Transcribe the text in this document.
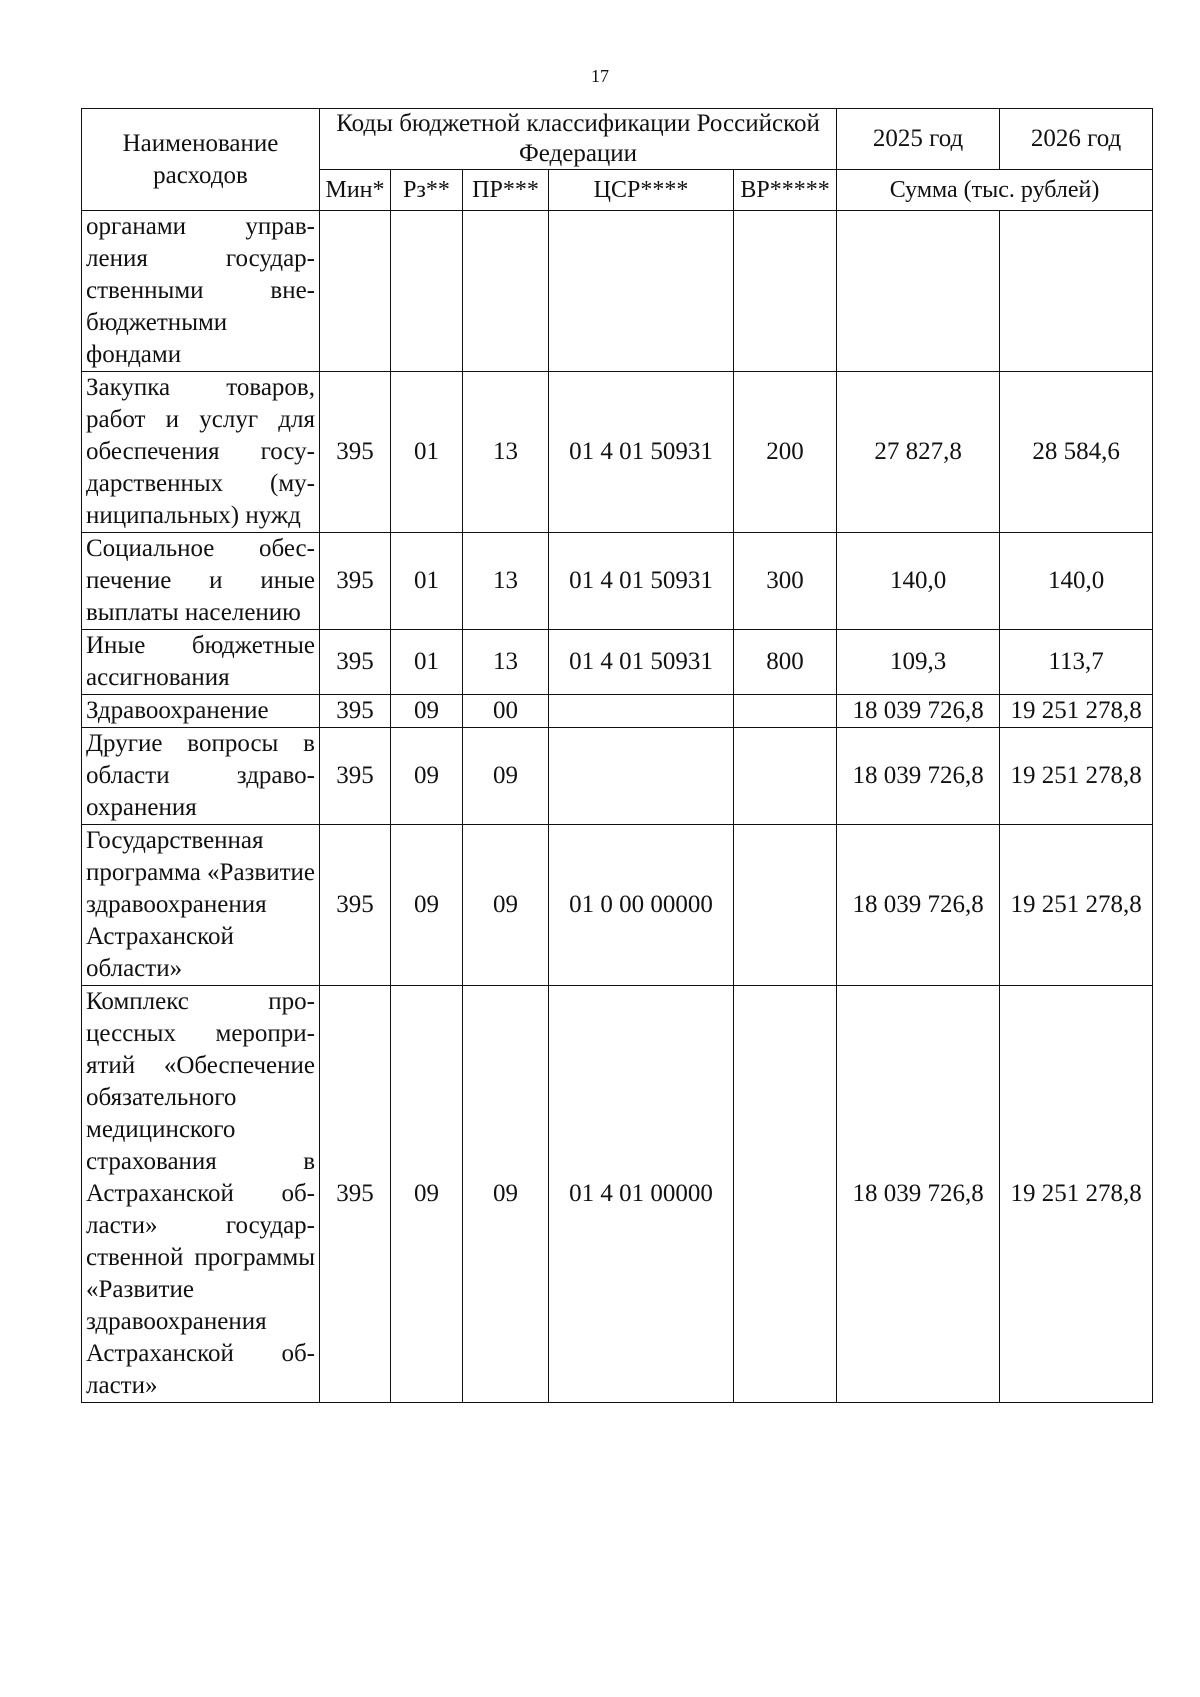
17
Наименование расходов	Коды бюджетной классификации Российской Федерации					2025 год	2026 год
	Мин*	Рз**	ПР***	ЦСР****	ВР*****	Сумма (тыс. рублей)	
органами управления государственными внебюджетными фондами							
Закупка товаров, работ и услуг для обеспечения государственных (муниципальных) нужд	395	01	13	01 4 01 50931	200	27 827,8	28 584,6
Социальное обеспечение и иные выплаты населению	395	01	13	01 4 01 50931	300	140,0	140,0
Иные бюджетные ассигнования	395	01	13	01 4 01 50931	800	109,3	113,7
Здравоохранение	395	09	00			18 039 726,8	19 251 278,8
Другие вопросы в области здравоохранения	395	09	09			18 039 726,8	19 251 278,8
Государственная программа «Развитие здравоохранения Астраханской области»	395	09	09	01 0 00 00000		18 039 726,8	19 251 278,8
Комплекс процессных мероприятий «Обеспечение обязательного медицинского страхования в Астраханской области» государственной программы «Развитие здравоохранения Астраханской области»	395	09	09	01 4 01 00000		18 039 726,8	19 251 278,8
